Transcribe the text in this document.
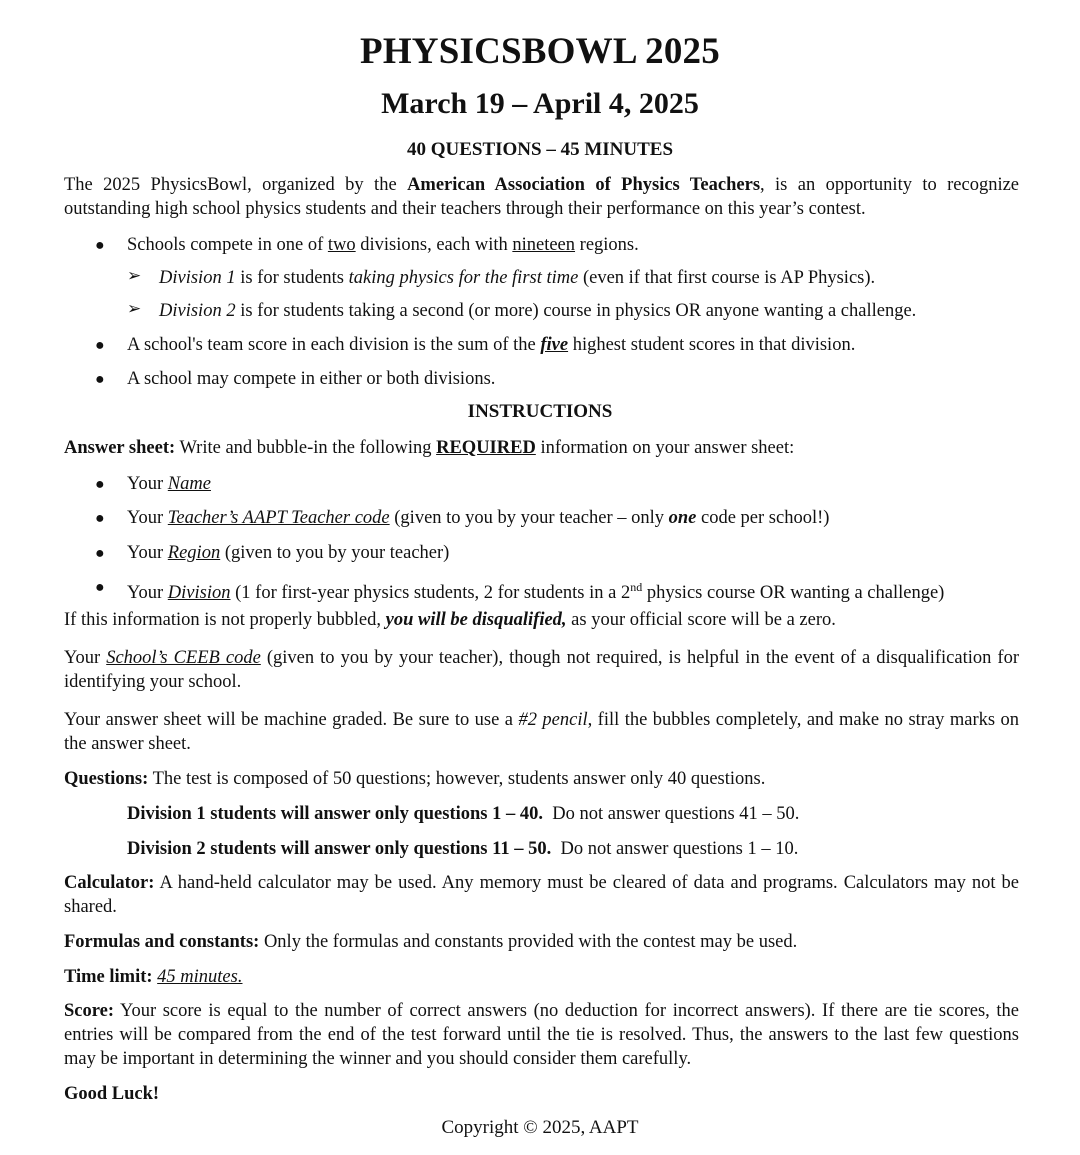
PHYSICSBOWL 2025
March 19 – April 4, 2025
40 QUESTIONS – 45 MINUTES
The 2025 PhysicsBowl, organized by the American Association of Physics Teachers, is an opportunity to recognize outstanding high school physics students and their teachers through their performance on this year’s contest.
● Schools compete in one of two divisions, each with nineteen regions.
➢ Division 1 is for students taking physics for the first time (even if that first course is AP Physics).
➢ Division 2 is for students taking a second (or more) course in physics OR anyone wanting a challenge.
● A school's team score in each division is the sum of the five highest student scores in that division.
● A school may compete in either or both divisions.
INSTRUCTIONS
Answer sheet: Write and bubble-in the following REQUIRED information on your answer sheet:
● Your Name
● Your Teacher’s AAPT Teacher code (given to you by your teacher – only one code per school!)
● Your Region (given to you by your teacher)
● Your Division (1 for first-year physics students, 2 for students in a 2nd physics course OR wanting a challenge)
If this information is not properly bubbled, you will be disqualified, as your official score will be a zero.
Your School’s CEEB code (given to you by your teacher), though not required, is helpful in the event of a disqualification for identifying your school.
Your answer sheet will be machine graded. Be sure to use a #2 pencil, fill the bubbles completely, and make no stray marks on the answer sheet.
Questions: The test is composed of 50 questions; however, students answer only 40 questions.
Division 1 students will answer only questions 1 – 40.  Do not answer questions 41 – 50.
Division 2 students will answer only questions 11 – 50.  Do not answer questions 1 – 10.
Calculator: A hand-held calculator may be used. Any memory must be cleared of data and programs. Calculators may not be shared.
Formulas and constants: Only the formulas and constants provided with the contest may be used.
Time limit: 45 minutes.
Score: Your score is equal to the number of correct answers (no deduction for incorrect answers). If there are tie scores, the entries will be compared from the end of the test forward until the tie is resolved. Thus, the answers to the last few questions may be important in determining the winner and you should consider them carefully.
Good Luck!
Copyright © 2025, AAPT
